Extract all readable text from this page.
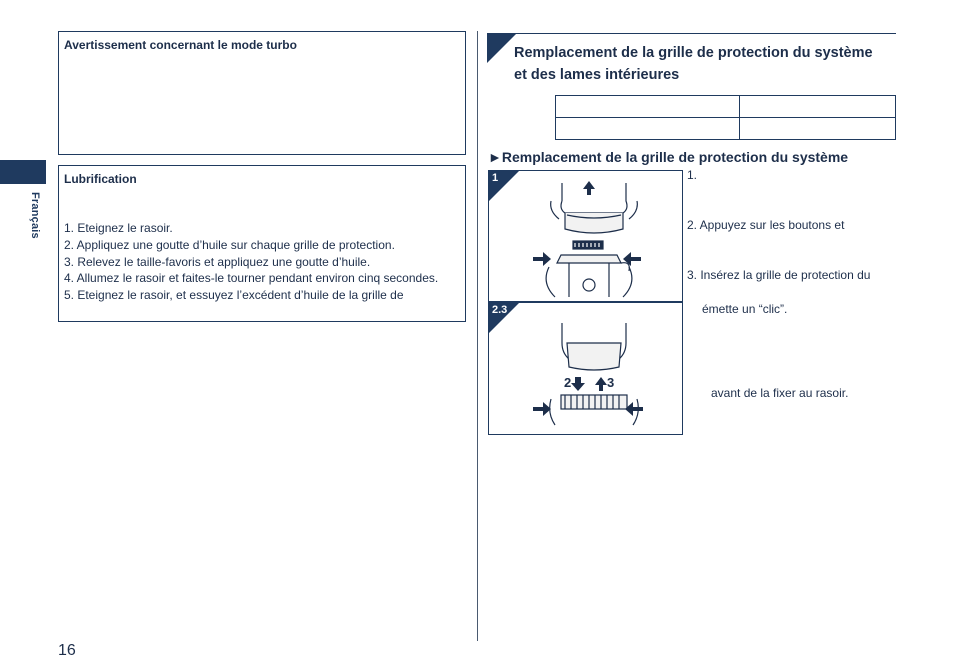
Français
16
Avertissement concernant le mode turbo
Lubrification
1. Eteignez le rasoir.
2. Appliquez une goutte d’huile sur chaque grille de protection.
3. Relevez le taille-favoris et appliquez une goutte d’huile.
4. Allumez le rasoir et faites-le tourner pendant environ cinq secondes.
5. Eteignez le rasoir, et essuyez l’excédent d’huile de la grille de
Remplacement de la grille de protection du système
et des lames intérieures

►Remplacement de la grille de protection du système
1
2.3
2	3
1.
2. Appuyez sur les boutons et
3. Insérez la grille de protection du
émette un “clic”.
avant de la fixer au rasoir.
